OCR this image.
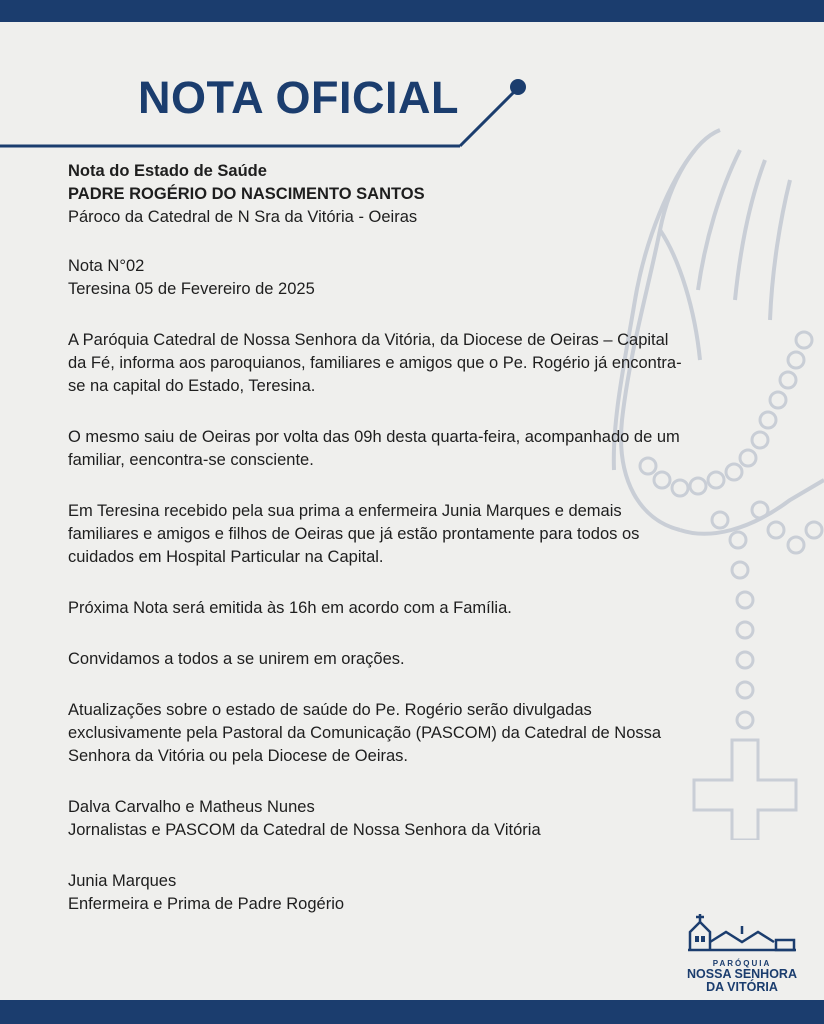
NOTA OFICIAL
Nota do Estado de Saúde
PADRE ROGÉRIO DO NASCIMENTO SANTOS
Pároco da Catedral de N Sra da Vitória - Oeiras
Nota N°02
Teresina 05 de Fevereiro de 2025
A Paróquia Catedral de Nossa Senhora da Vitória, da Diocese de Oeiras – Capital
da Fé, informa aos paroquianos, familiares e amigos que o Pe. Rogério já encontra-
se na capital do Estado, Teresina.
O mesmo saiu de Oeiras por volta das 09h desta quarta-feira, acompanhado de um
familiar, eencontra-se consciente.
Em Teresina recebido pela sua prima a enfermeira Junia Marques e demais
familiares e amigos e filhos de Oeiras que já estão prontamente para todos os
cuidados em Hospital Particular na Capital.
Próxima Nota será emitida às 16h em acordo com a Família.
Convidamos a todos a se unirem em orações.
Atualizações sobre o estado de saúde do Pe. Rogério serão divulgadas
exclusivamente pela Pastoral da Comunicação (PASCOM) da Catedral de Nossa
Senhora da Vitória ou pela Diocese de Oeiras.
Dalva Carvalho e Matheus Nunes
Jornalistas e PASCOM da Catedral de Nossa Senhora da Vitória
Junia Marques
Enfermeira e Prima de Padre Rogério
PARÓQUIA
NOSSA SENHORA
DA VITÓRIA
